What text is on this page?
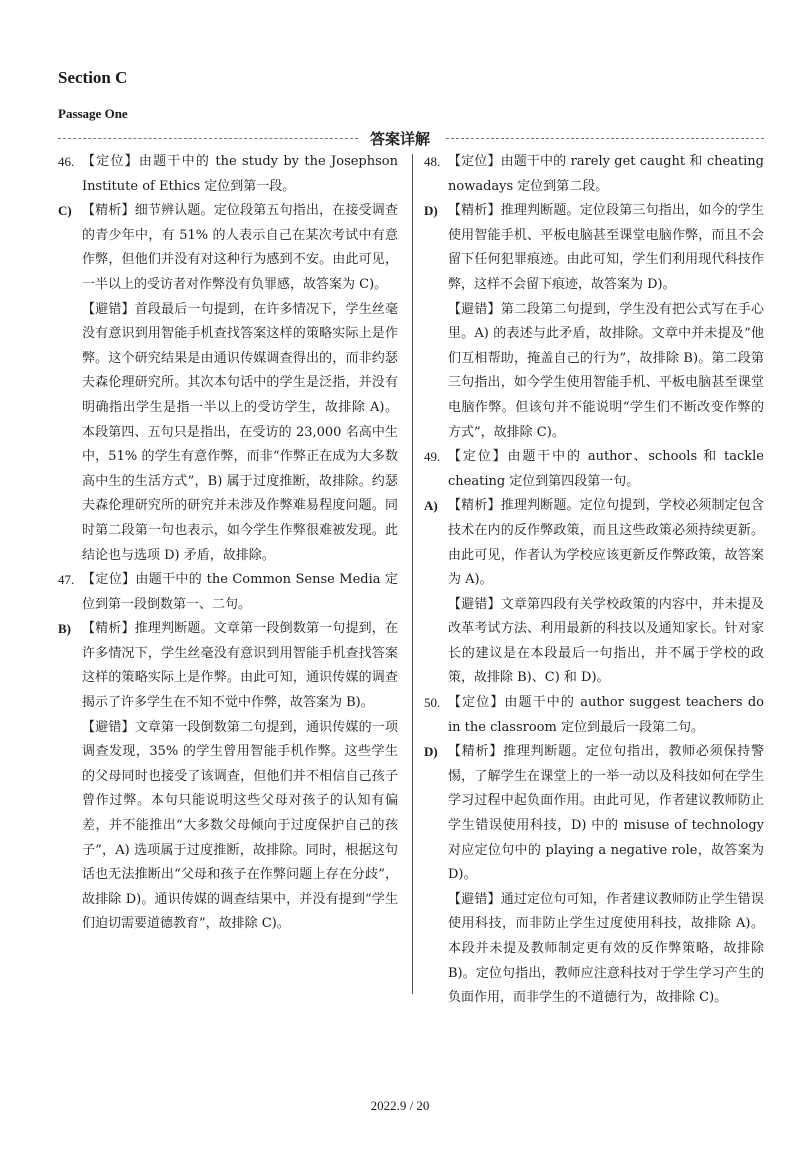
Section C
Passage One
答案详解
46. 【定位】由题干中的 the study by the Josephson Institute of Ethics 定位到第一段。
C) 【精析】细节辨认题。定位段第五句指出，在接受调查的青少年中，有 51% 的人表示自己在某次考试中有意作弊，但他们并没有对这种行为感到不安。由此可见，一半以上的受访者对作弊没有负罪感，故答案为 C)。

【避错】首段最后一句提到，在许多情况下，学生丝毫没有意识到用智能手机查找答案这样的策略实际上是作弊。这个研究结果是由通识传媒调查得出的，而非约瑟夫森伦理研究所。其次本句话中的学生是泛指，并没有明确指出学生是指一半以上的受访学生，故排除 A)。本段第四、五句只是指出，在受访的 23,000 名高中生中，51% 的学生有意作弊，而非“作弊正在成为大多数高中生的生活方式”，B) 属于过度推断，故排除。约瑟夫森伦理研究所的研究并未涉及作弊难易程度问题。同时第二段第一句也表示，如今学生作弊很难被发现。此结论也与选项 D) 矛盾，故排除。

47. 【定位】由题干中的 the Common Sense Media 定位到第一段倒数第一、二句。
B) 【精析】推理判断题。文章第一段倒数第一句提到，在许多情况下，学生丝毫没有意识到用智能手机查找答案这样的策略实际上是作弊。由此可知，通识传媒的调查揭示了许多学生在不知不觉中作弊，故答案为 B)。

【避错】文章第一段倒数第二句提到，通识传媒的一项调查发现，35% 的学生曾用智能手机作弊。这些学生的父母同时也接受了该调查，但他们并不相信自己孩子曾作过弊。本句只能说明这些父母对孩子的认知有偏差，并不能推出“大多数父母倾向于过度保护自己的孩子”，A) 选项属于过度推断，故排除。同时，根据这句话也无法推断出“父母和孩子在作弊问题上存在分歧”，故排除 D)。通识传媒的调查结果中，并没有提到“学生们迫切需要道德教育”，故排除 C)。

48. 【定位】由题干中的 rarely get caught 和 cheating nowadays 定位到第二段。
D) 【精析】推理判断题。定位段第三句指出，如今的学生使用智能手机、平板电脑甚至课堂电脑作弊，而且不会留下任何犯罪痕迹。由此可知，学生们利用现代科技作弊，这样不会留下痕迹，故答案为 D)。

【避错】第二段第二句提到，学生没有把公式写在手心里。A) 的表述与此矛盾，故排除。文章中并未提及“他们互相帮助，掩盖自己的行为”，故排除 B)。第二段第三句指出，如今学生使用智能手机、平板电脑甚至课堂电脑作弊。但该句并不能说明“学生们不断改变作弊的方式”，故排除 C)。

49. 【定位】由题干中的 author、schools 和 tackle cheating 定位到第四段第一句。
A) 【精析】推理判断题。定位句提到，学校必须制定包含技术在内的反作弊政策，而且这些政策必须持续更新。由此可见，作者认为学校应该更新反作弊政策，故答案为 A)。

【避错】文章第四段有关学校政策的内容中，并未提及改革考试方法、利用最新的科技以及通知家长。针对家长的建议是在本段最后一句指出，并不属于学校的政策，故排除 B)、C) 和 D)。

50. 【定位】由题干中的 author suggest teachers do in the classroom 定位到最后一段第二句。
D) 【精析】推理判断题。定位句指出，教师必须保持警惕，了解学生在课堂上的一举一动以及科技如何在学生学习过程中起负面作用。由此可见，作者建议教师防止学生错误使用科技，D) 中的 misuse of technology 对应定位句中的 playing a negative role，故答案为 D)。

【避错】通过定位句可知，作者建议教师防止学生错误使用科技，而非防止学生过度使用科技，故排除 A)。本段并未提及教师制定更有效的反作弊策略，故排除 B)。定位句指出，教师应注意科技对于学生学习产生的负面作用，而非学生的不道德行为，故排除 C)。

2022.9 / 20
